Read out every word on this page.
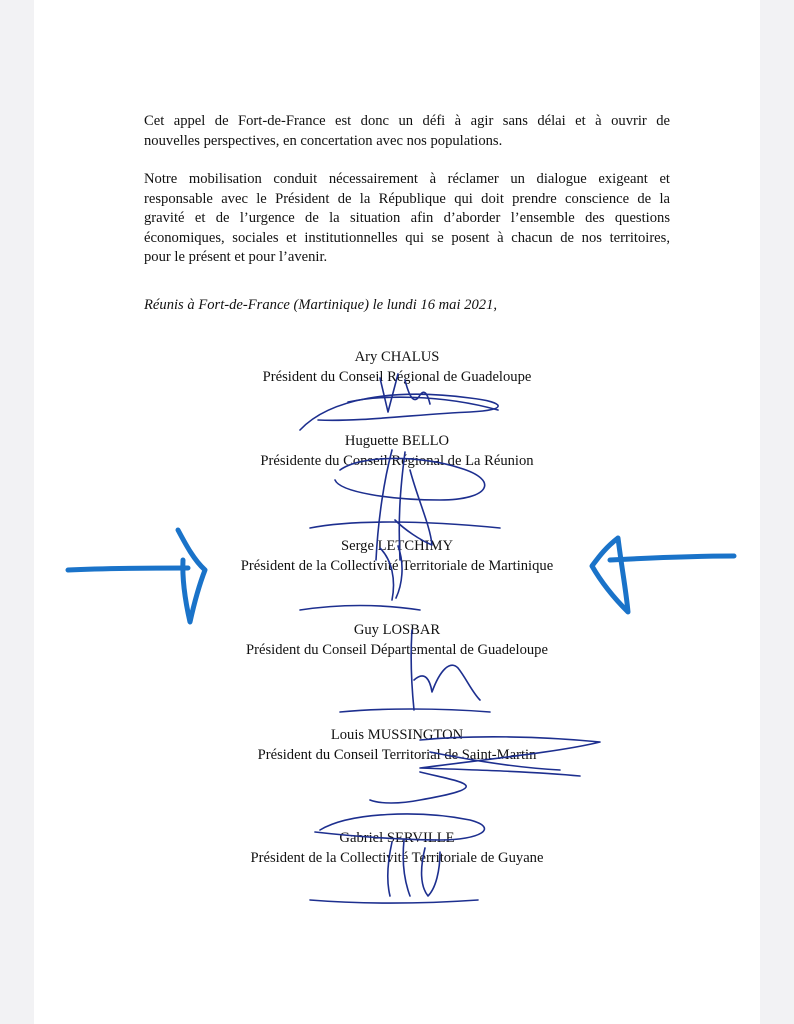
Cet appel de Fort-de-France est donc un défi à agir sans délai et à ouvrir de
nouvelles perspectives, en concertation avec nos populations.
Notre mobilisation conduit nécessairement à réclamer un dialogue exigeant et
responsable avec le Président de la République qui doit prendre conscience de la
gravité et de l’urgence de la situation afin d’aborder l’ensemble des questions
économiques, sociales et institutionnelles qui se posent à chacun de nos territoires,
pour le présent et pour l’avenir.
Réunis à Fort-de-France (Martinique) le lundi 16 mai 2021,
Ary CHALUS
Président du Conseil Régional de Guadeloupe
Huguette BELLO
Présidente du Conseil Régional de La Réunion
Serge LETCHIMY
Président de la Collectivité Territoriale de Martinique
Guy LOSBAR
Président du Conseil Départemental de Guadeloupe
Louis MUSSINGTON
Président du Conseil Territorial de Saint-Martin
Gabriel SERVILLE
Président de la Collectivité Territoriale de Guyane
